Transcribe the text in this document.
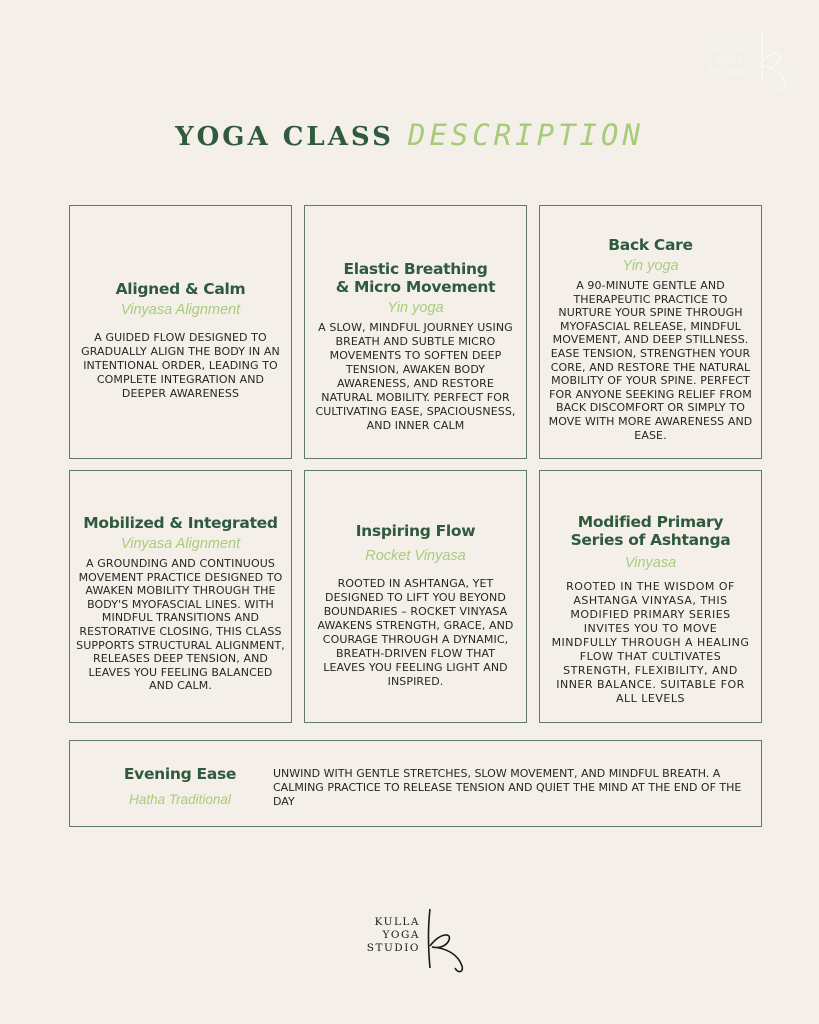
KULLA
YOGA
STUDIO
YOGA CLASS DESCRIPTION
Aligned & Calm
Vinyasa Alignment
A GUIDED FLOW DESIGNED TO GRADUALLY ALIGN THE BODY IN AN INTENTIONAL ORDER, LEADING TO COMPLETE INTEGRATION AND DEEPER AWARENESS
Elastic Breathing & Micro Movement
Yin yoga
A SLOW, MINDFUL JOURNEY USING BREATH AND SUBTLE MICRO MOVEMENTS TO SOFTEN DEEP TENSION, AWAKEN BODY AWARENESS, AND RESTORE NATURAL MOBILITY. PERFECT FOR CULTIVATING EASE, SPACIOUSNESS, AND INNER CALM
Back Care
Yin yoga
A 90-MINUTE GENTLE AND THERAPEUTIC PRACTICE TO NURTURE YOUR SPINE THROUGH MYOFASCIAL RELEASE, MINDFUL MOVEMENT, AND DEEP STILLNESS. EASE TENSION, STRENGTHEN YOUR CORE, AND RESTORE THE NATURAL MOBILITY OF YOUR SPINE. PERFECT FOR ANYONE SEEKING RELIEF FROM BACK DISCOMFORT OR SIMPLY TO MOVE WITH MORE AWARENESS AND EASE.
Mobilized & Integrated
Vinyasa Alignment
A GROUNDING AND CONTINUOUS MOVEMENT PRACTICE DESIGNED TO AWAKEN MOBILITY THROUGH THE BODY'S MYOFASCIAL LINES. WITH MINDFUL TRANSITIONS AND RESTORATIVE CLOSING, THIS CLASS SUPPORTS STRUCTURAL ALIGNMENT, RELEASES DEEP TENSION, AND LEAVES YOU FEELING BALANCED AND CALM.
Inspiring Flow
Rocket Vinyasa
ROOTED IN ASHTANGA, YET DESIGNED TO LIFT YOU BEYOND BOUNDARIES – ROCKET VINYASA AWAKENS STRENGTH, GRACE, AND COURAGE THROUGH A DYNAMIC, BREATH-DRIVEN FLOW THAT LEAVES YOU FEELING LIGHT AND INSPIRED.
Modified Primary Series of Ashtanga
Vinyasa
ROOTED IN THE WISDOM OF ASHTANGA VINYASA, THIS MODIFIED PRIMARY SERIES INVITES YOU TO MOVE MINDFULLY THROUGH A HEALING FLOW THAT CULTIVATES STRENGTH, FLEXIBILITY, AND INNER BALANCE. SUITABLE FOR ALL LEVELS
Evening Ease
Hatha Traditional
UNWIND WITH GENTLE STRETCHES, SLOW MOVEMENT, AND MINDFUL BREATH. A CALMING PRACTICE TO RELEASE TENSION AND QUIET THE MIND AT THE END OF THE DAY
KULLA
YOGA
STUDIO
